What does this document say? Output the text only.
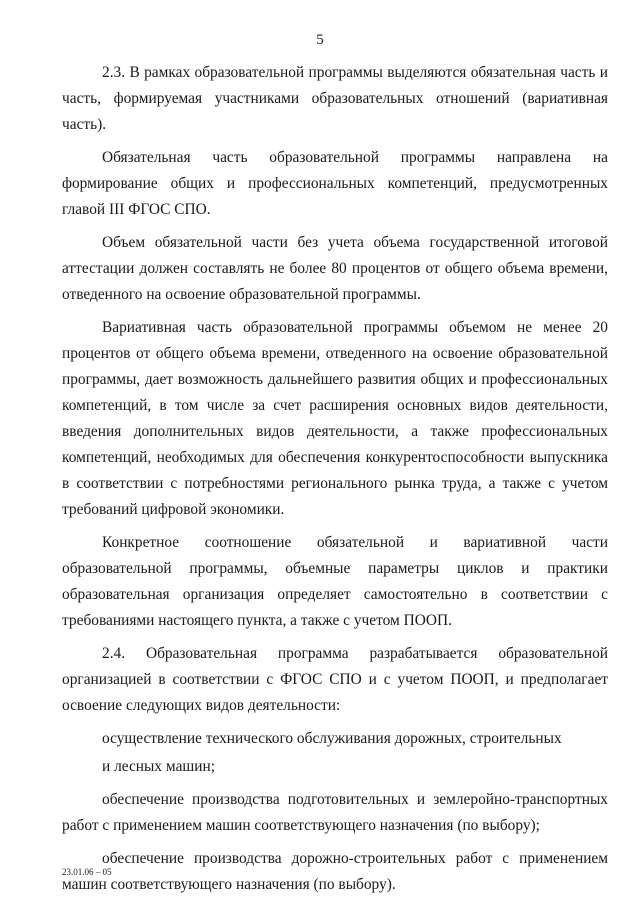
5

2.3. В рамках образовательной программы выделяются обязательная часть и часть, формируемая участниками образовательных отношений (вариативная часть).

Обязательная часть образовательной программы направлена на формирование общих и профессиональных компетенций, предусмотренных главой III ФГОС СПО.

Объем обязательной части без учета объема государственной итоговой аттестации должен составлять не более 80 процентов от общего объема времени, отведенного на освоение образовательной программы.

Вариативная часть образовательной программы объемом не менее 20 процентов от общего объема времени, отведенного на освоение образовательной программы, дает возможность дальнейшего развития общих и профессиональных компетенций, в том числе за счет расширения основных видов деятельности, введения дополнительных видов деятельности, а также профессиональных компетенций, необходимых для обеспечения конкурентоспособности выпускника в соответствии с потребностями регионального рынка труда, а также с учетом требований цифровой экономики.

Конкретное соотношение обязательной и вариативной части образовательной программы, объемные параметры циклов и практики образовательная организация определяет самостоятельно в соответствии с требованиями настоящего пункта, а также с учетом ПООП.

2.4. Образовательная программа разрабатывается образовательной организацией в соответствии с ФГОС СПО и с учетом ПООП, и предполагает освоение следующих видов деятельности:

осуществление технического обслуживания дорожных, строительных

и лесных машин;

обеспечение производства подготовительных и землеройно-транспортных работ с применением машин соответствующего назначения (по выбору);

обеспечение производства дорожно-строительных работ с применением машин соответствующего назначения (по выбору).

23.01.06 – 05
